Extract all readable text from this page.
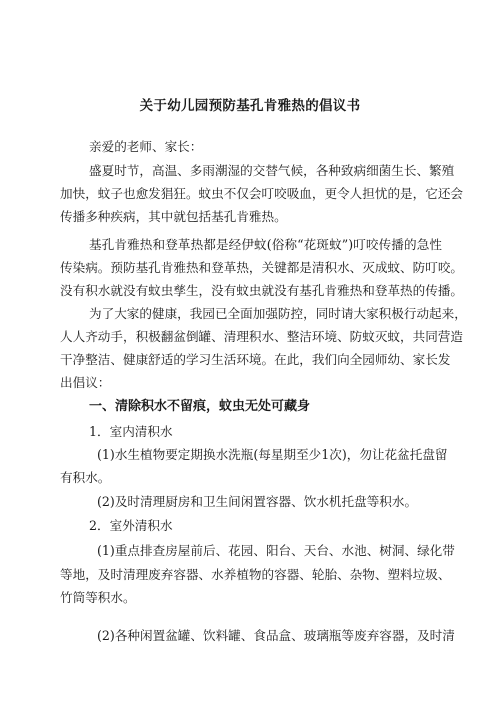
关于幼儿园预防基孔肯雅热的倡议书
亲爱的老师、家长：
盛夏时节，高温、多雨潮湿的交替气候，各种致病细菌生长、繁殖
加快，蚊子也愈发猖狂。蚊虫不仅会叮咬吸血，更令人担忧的是，它还会
传播多种疾病，其中就包括基孔肯雅热。
基孔肯雅热和登革热都是经伊蚊(俗称“花斑蚊”)叮咬传播的急性
传染病。预防基孔肯雅热和登革热，关键都是清积水、灭成蚊、防叮咬。
没有积水就没有蚊虫孳生，没有蚊虫就没有基孔肯雅热和登革热的传播。
为了大家的健康，我园已全面加强防控，同时请大家积极行动起来，
人人齐动手，积极翻盆倒罐、清理积水、整洁环境、防蚊灭蚊，共同营造
干净整洁、健康舒适的学习生活环境。在此，我们向全园师幼、家长发
出倡议：
一、清除积水不留痕，蚊虫无处可藏身
1．室内清积水
(1)水生植物要定期换水洗瓶(每星期至少1次)，勿让花盆托盘留
有积水。
(2)及时清理厨房和卫生间闲置容器、饮水机托盘等积水。
2．室外清积水
(1)重点排查房屋前后、花园、阳台、天台、水池、树洞、绿化带
等地，及时清理废弃容器、水养植物的容器、轮胎、杂物、塑料垃圾、
竹筒等积水。
(2)各种闲置盆罐、饮料罐、食品盒、玻璃瓶等废弃容器，及时清
